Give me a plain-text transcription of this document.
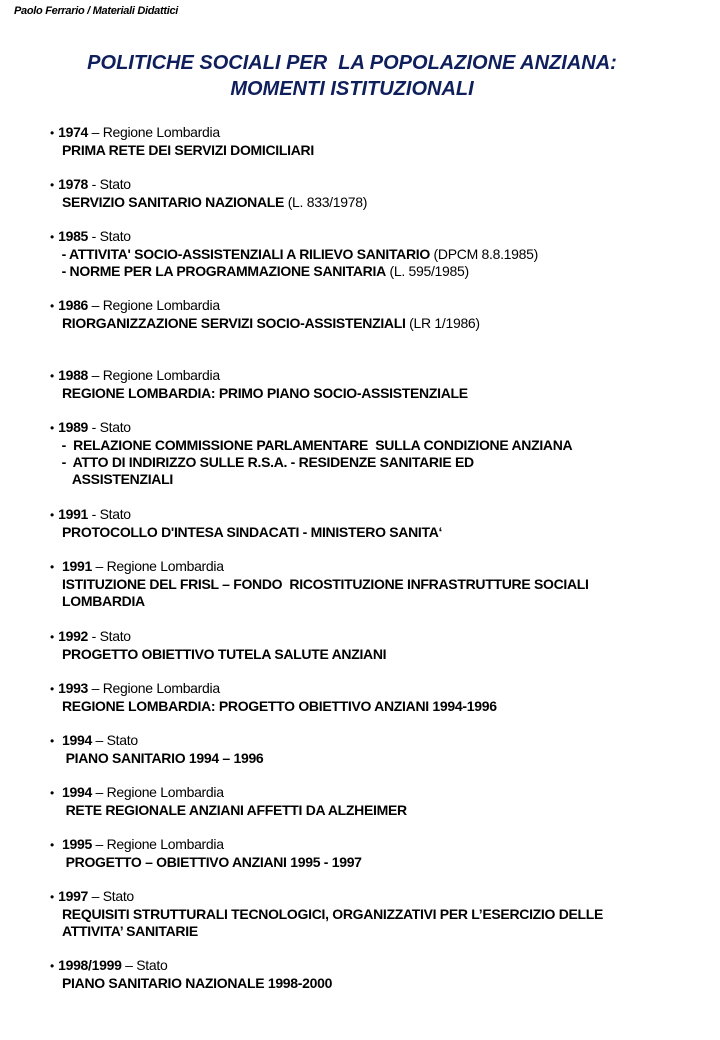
Paolo Ferrario / Materiali Didattici
POLITICHE SOCIALI PER  LA POPOLAZIONE ANZIANA:
MOMENTI ISTITUZIONALI
• 1974 – Regione Lombardia
PRIMA RETE DEI SERVIZI DOMICILIARI
• 1978 - Stato
SERVIZIO SANITARIO NAZIONALE (L. 833/1978)
• 1985 - Stato
- ATTIVITA' SOCIO-ASSISTENZIALI A RILIEVO SANITARIO (DPCM 8.8.1985)
- NORME PER LA PROGRAMMAZIONE SANITARIA (L. 595/1985)
• 1986 – Regione Lombardia
RIORGANIZZAZIONE SERVIZI SOCIO-ASSISTENZIALI (LR 1/1986)
• 1988 – Regione Lombardia
REGIONE LOMBARDIA: PRIMO PIANO SOCIO-ASSISTENZIALE
• 1989 - Stato
-  RELAZIONE COMMISSIONE PARLAMENTARE  SULLA CONDIZIONE ANZIANA
-  ATTO DI INDIRIZZO SULLE R.S.A. - RESIDENZE SANITARIE ED
ASSISTENZIALI
• 1991 - Stato
PROTOCOLLO D'INTESA SINDACATI - MINISTERO SANITA‘
• 1991 – Regione Lombardia
ISTITUZIONE DEL FRISL – FONDO  RICOSTITUZIONE INFRASTRUTTURE SOCIALI
LOMBARDIA
• 1992 - Stato
PROGETTO OBIETTIVO TUTELA SALUTE ANZIANI
• 1993 – Regione Lombardia
REGIONE LOMBARDIA: PROGETTO OBIETTIVO ANZIANI 1994-1996
• 1994 – Stato
PIANO SANITARIO 1994 – 1996
• 1994 – Regione Lombardia
RETE REGIONALE ANZIANI AFFETTI DA ALZHEIMER
• 1995 – Regione Lombardia
PROGETTO – OBIETTIVO ANZIANI 1995 - 1997
• 1997 – Stato
REQUISITI STRUTTURALI TECNOLOGICI, ORGANIZZATIVI PER L’ESERCIZIO DELLE
ATTIVITA’ SANITARIE
• 1998/1999 – Stato
PIANO SANITARIO NAZIONALE 1998-2000
